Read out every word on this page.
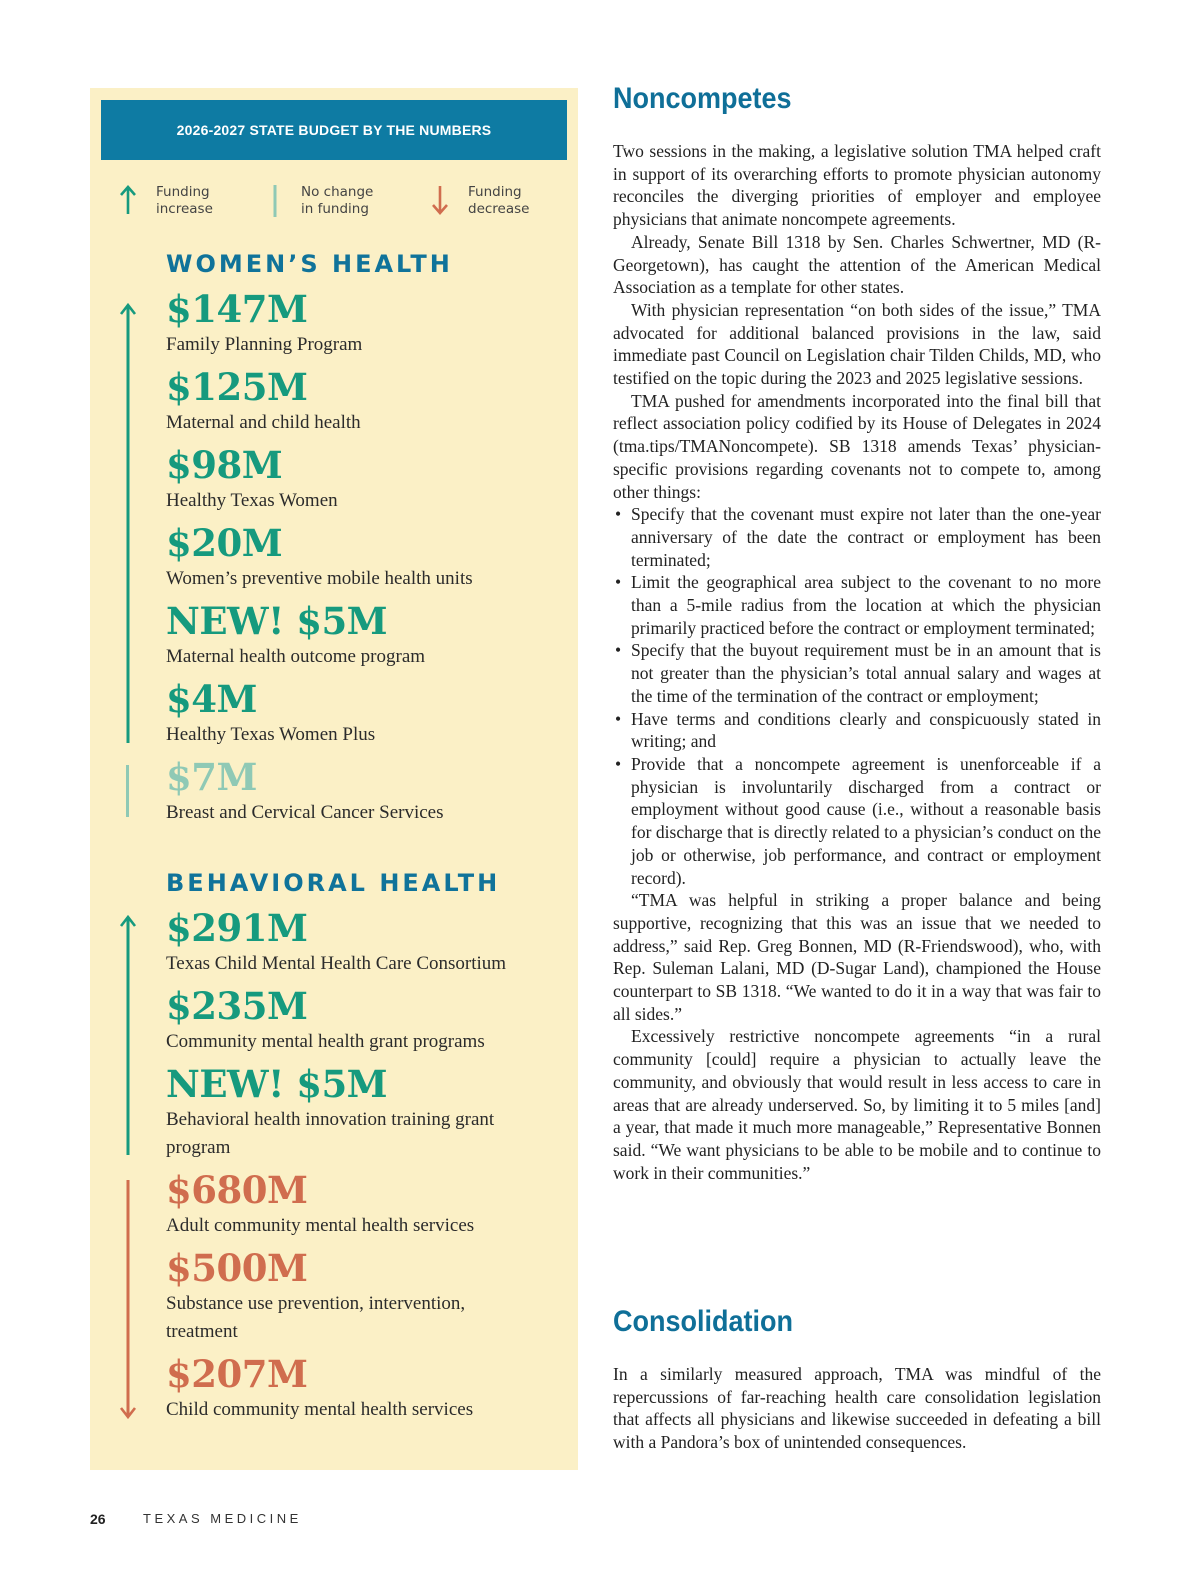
2026-2027 STATE BUDGET BY THE NUMBERS
Funding
increase
No change
in funding
Funding
decrease
WOMEN’S HEALTH
$147M
Family Planning Program
$125M
Maternal and child health
$98M
Healthy Texas Women
$20M
Women’s preventive mobile health units
NEW! $5M
Maternal health outcome program
$4M
Healthy Texas Women Plus
$7M
Breast and Cervical Cancer Services
BEHAVIORAL HEALTH
$291M
Texas Child Mental Health Care Consortium
$235M
Community mental health grant programs
NEW! $5M
Behavioral health innovation training grant program
$680M
Adult community mental health services
$500M
Substance use prevention, intervention, treatment
$207M
Child community mental health services
Noncompetes

Two sessions in the making, a legislative solution TMA helped craft in support of its overarching efforts to promote physician autonomy reconciles the diverging priorities of employer and employee physicians that animate noncompete agreements.

Already, Senate Bill 1318 by Sen. Charles Schwertner, MD (R-Georgetown), has caught the attention of the American Medical Association as a template for other states.

With physician representation “on both sides of the issue,” TMA advocated for additional balanced provisions in the law, said immediate past Council on Legislation chair Tilden Childs, MD, who testified on the topic during the 2023 and 2025 legislative sessions.

TMA pushed for amendments incorporated into the final bill that reflect association policy codified by its House of Delegates in 2024 (tma.tips/TMANoncompete). SB 1318 amends Texas’ physician-specific provisions regarding covenants not to compete to, among other things:

• Specify that the covenant must expire not later than the one-year anniversary of the date the contract or employment has been terminated;
• Limit the geographical area subject to the covenant to no more than a 5-mile radius from the location at which the physician primarily practiced before the contract or employment terminated;
• Specify that the buyout requirement must be in an amount that is not greater than the physician’s total annual salary and wages at the time of the termination of the contract or employment;
• Have terms and conditions clearly and conspicuously stated in writing; and
• Provide that a noncompete agreement is unenforceable if a physician is involuntarily discharged from a contract or employment without good cause (i.e., without a reasonable basis for discharge that is directly related to a physician’s conduct on the job or otherwise, job performance, and contract or employment record).

“TMA was helpful in striking a proper balance and being supportive, recognizing that this was an issue that we needed to address,” said Rep. Greg Bonnen, MD (R-Friendswood), who, with Rep. Suleman Lalani, MD (D-Sugar Land), championed the House counterpart to SB 1318. “We wanted to do it in a way that was fair to all sides.”

Excessively restrictive noncompete agreements “in a rural community [could] require a physician to actually leave the community, and obviously that would result in less access to care in areas that are already underserved. So, by limiting it to 5 miles [and] a year, that made it much more manageable,” Representative Bonnen said. “We want physicians to be able to be mobile and to continue to work in their communities.”

Consolidation

In a similarly measured approach, TMA was mindful of the repercussions of far-reaching health care consolidation legislation that affects all physicians and likewise succeeded in defeating a bill with a Pandora’s box of unintended consequences.

26	TEXAS MEDICINE
